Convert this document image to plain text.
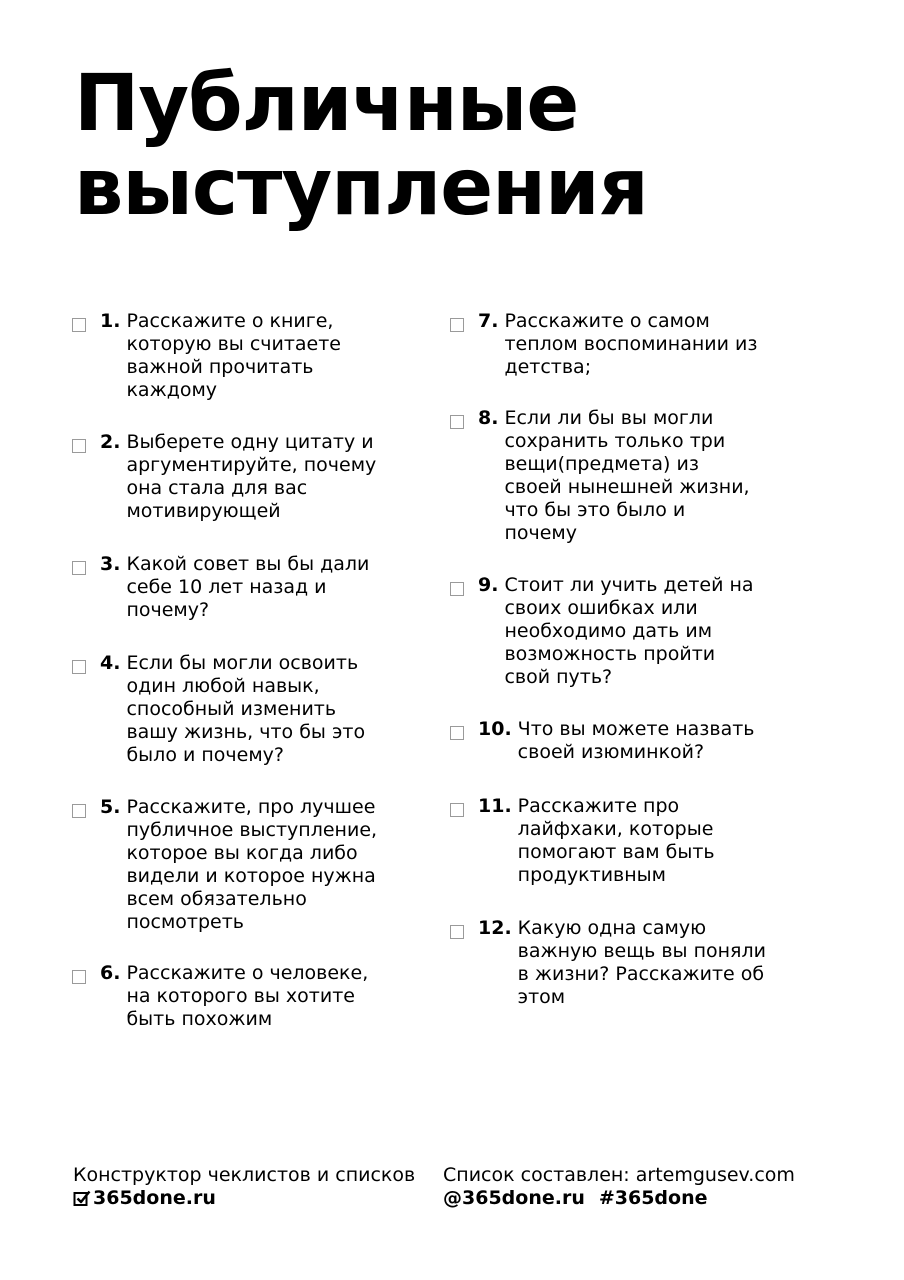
Публичные
выступления
1. Расскажите о книге,
которую вы считаете
важной прочитать
каждому
2. Выберете одну цитату и
аргументируйте, почему
она стала для вас
мотивирующей
3. Какой совет вы бы дали
себе 10 лет назад и
почему?
4. Если бы могли освоить
один любой навык,
способный изменить
вашу жизнь, что бы это
было и почему?
5. Расскажите, про лучшее
публичное выступление,
которое вы когда либо
видели и которое нужна
всем обязательно
посмотреть
6. Расскажите о человеке,
на которого вы хотите
быть похожим
7. Расскажите о самом
теплом воспоминании из
детства;
8. Если ли бы вы могли
сохранить только три
вещи(предмета) из
своей нынешней жизни,
что бы это было и
почему
9. Стоит ли учить детей на
своих ошибках или
необходимо дать им
возможность пройти
свой путь?
10. Что вы можете назвать
своей изюминкой?
11. Расскажите про
лайфхаки, которые
помогают вам быть
продуктивным
12. Какую одна самую
важную вещь вы поняли
в жизни? Расскажите об
этом
Конструктор чеклистов и списков
365done.ru
Список составлен: artemgusev.com
@365done.ru #365done
